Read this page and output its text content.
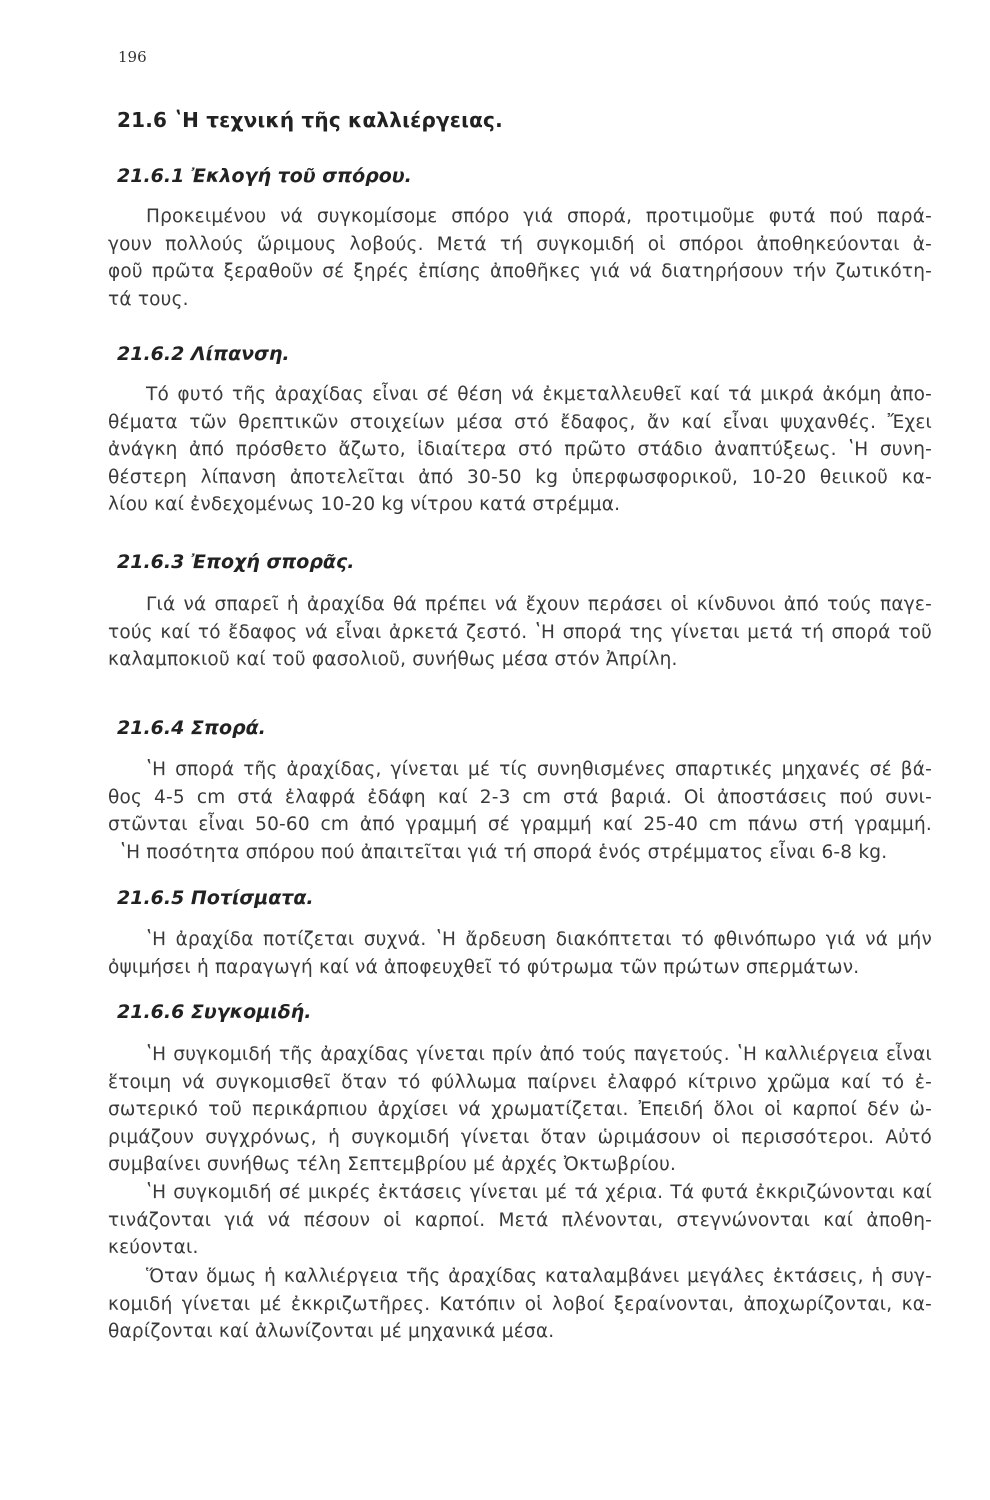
196
21.6 ʽΗ τεχνική τῆς καλλιέργειας.
21.6.1 Ἐκλογή τοῦ σπόρου.
Προκειμένου νά συγκομίσομε σπόρο γιά σπορά, προτιμοῦμε φυτά πού παρά-
γουν πολλούς ὥριμους λοβούς. Μετά τή συγκομιδή οἱ σπόροι ἀποθηκεύονται ἀ-
φοῦ πρῶτα ξεραθοῦν σέ ξηρές ἐπίσης ἀποθῆκες γιά νά διατηρήσουν τήν ζωτικότη-
τά τους.
21.6.2 Λίπανση.
Τό φυτό τῆς ἀραχίδας εἶναι σέ θέση νά ἐκμεταλλευθεῖ καί τά μικρά ἀκόμη ἀπο-
θέματα τῶν θρεπτικῶν στοιχείων μέσα στό ἔδαφος, ἄν καί εἶναι ψυχανθές. Ἔχει
ἀνάγκη ἀπό πρόσθετο ἄζωτο, ἰδιαίτερα στό πρῶτο στάδιο ἀναπτύξεως. ʽΗ συνη-
θέστερη λίπανση ἀποτελεῖται ἀπό 30-50 kg ὑπερφωσφορικοῦ, 10-20 θειικοῦ κα-
λίου καί ἐνδεχομένως 10-20 kg νίτρου κατά στρέμμα.
21.6.3 Ἐποχή σπορᾶς.
Γιά νά σπαρεῖ ἡ ἀραχίδα θά πρέπει νά ἔχουν περάσει οἱ κίνδυνοι ἀπό τούς παγε-
τούς καί τό ἔδαφος νά εἶναι ἀρκετά ζεστό. ʽΗ σπορά της γίνεται μετά τή σπορά τοῦ
καλαμποκιοῦ καί τοῦ φασολιοῦ, συνήθως μέσα στόν Ἀπρίλη.
21.6.4 Σπορά.
ʽΗ σπορά τῆς ἀραχίδας, γίνεται μέ τίς συνηθισμένες σπαρτικές μηχανές σέ βά-
θος 4-5 cm στά ἐλαφρά ἐδάφη καί 2-3 cm στά βαριά. Οἱ ἀποστάσεις πού συνι-
στῶνται εἶναι 50-60 cm ἀπό γραμμή σέ γραμμή καί 25-40 cm πάνω στή γραμμή.
ʽΗ ποσότητα σπόρου πού ἀπαιτεῖται γιά τή σπορά ἑνός στρέμματος εἶναι 6-8 kg.
21.6.5 Ποτίσματα.
ʽΗ ἀραχίδα ποτίζεται συχνά. ʽΗ ἄρδευση διακόπτεται τό φθινόπωρο γιά νά μήν
ὀψιμήσει ἡ παραγωγή καί νά ἀποφευχθεῖ τό φύτρωμα τῶν πρώτων σπερμάτων.
21.6.6 Συγκομιδή.
ʽΗ συγκομιδή τῆς ἀραχίδας γίνεται πρίν ἀπό τούς παγετούς. ʽΗ καλλιέργεια εἶναι
ἕτοιμη νά συγκομισθεῖ ὅταν τό φύλλωμα παίρνει ἐλαφρό κίτρινο χρῶμα καί τό ἐ-
σωτερικό τοῦ περικάρπιου ἀρχίσει νά χρωματίζεται. Ἐπειδή ὅλοι οἱ καρποί δέν ὠ-
ριμάζουν συγχρόνως, ἡ συγκομιδή γίνεται ὅταν ὡριμάσουν οἱ περισσότεροι. Αὐτό
συμβαίνει συνήθως τέλη Σεπτεμβρίου μέ ἀρχές Ὀκτωβρίου.
ʽΗ συγκομιδή σέ μικρές ἐκτάσεις γίνεται μέ τά χέρια. Τά φυτά ἐκκριζώνονται καί
τινάζονται γιά νά πέσουν οἱ καρποί. Μετά πλένονται, στεγνώνονται καί ἀποθη-
κεύονται.
Ὅταν ὅμως ἡ καλλιέργεια τῆς ἀραχίδας καταλαμβάνει μεγάλες ἐκτάσεις, ἡ συγ-
κομιδή γίνεται μέ ἐκκριζωτῆρες. Κατόπιν οἱ λοβοί ξεραίνονται, ἀποχωρίζονται, κα-
θαρίζονται καί ἀλωνίζονται μέ μηχανικά μέσα.
